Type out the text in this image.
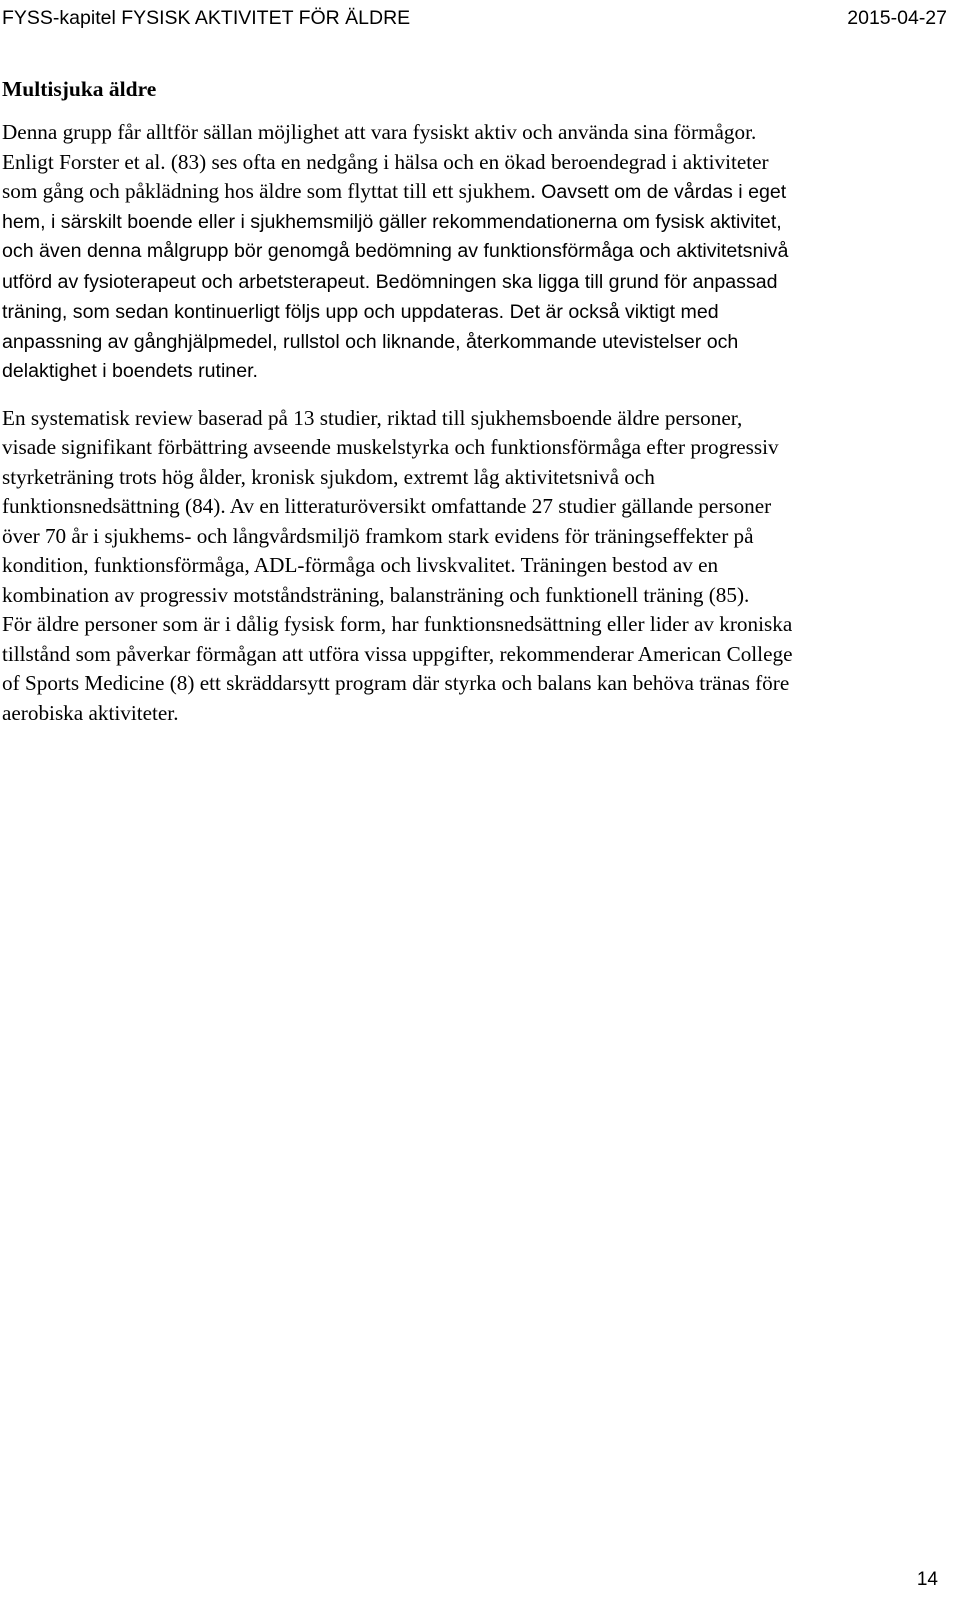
FYSS-kapitel FYSISK AKTIVITET FÖR ÄLDRE	2015-04-27

Multisjuka äldre

Denna grupp får alltför sällan möjlighet att vara fysiskt aktiv och använda sina förmågor.
Enligt Forster et al. (83) ses ofta en nedgång i hälsa och en ökad beroendegrad i aktiviteter
som gång och påklädning hos äldre som flyttat till ett sjukhem. Oavsett om de vårdas i eget
hem, i särskilt boende eller i sjukhemsmiljö gäller rekommendationerna om fysisk aktivitet,
och även denna målgrupp bör genomgå bedömning av funktionsförmåga och aktivitetsnivå
utförd av fysioterapeut och arbetsterapeut. Bedömningen ska ligga till grund för anpassad
träning, som sedan kontinuerligt följs upp och uppdateras. Det är också viktigt med
anpassning av gånghjälpmedel, rullstol och liknande, återkommande utevistelser och
delaktighet i boendets rutiner.

En systematisk review baserad på 13 studier, riktad till sjukhemsboende äldre personer,
visade signifikant förbättring avseende muskelstyrka och funktionsförmåga efter progressiv
styrketräning trots hög ålder, kronisk sjukdom, extremt låg aktivitetsnivå och
funktionsnedsättning (84). Av en litteraturöversikt omfattande 27 studier gällande personer
över 70 år i sjukhems- och långvårdsmiljö framkom stark evidens för träningseffekter på
kondition, funktionsförmåga, ADL-förmåga och livskvalitet. Träningen bestod av en
kombination av progressiv motståndsträning, balansträning och funktionell träning (85).
För äldre personer som är i dålig fysisk form, har funktionsnedsättning eller lider av kroniska
tillstånd som påverkar förmågan att utföra vissa uppgifter, rekommenderar American College
of Sports Medicine (8) ett skräddarsytt program där styrka och balans kan behöva tränas före
aerobiska aktiviteter.

14
